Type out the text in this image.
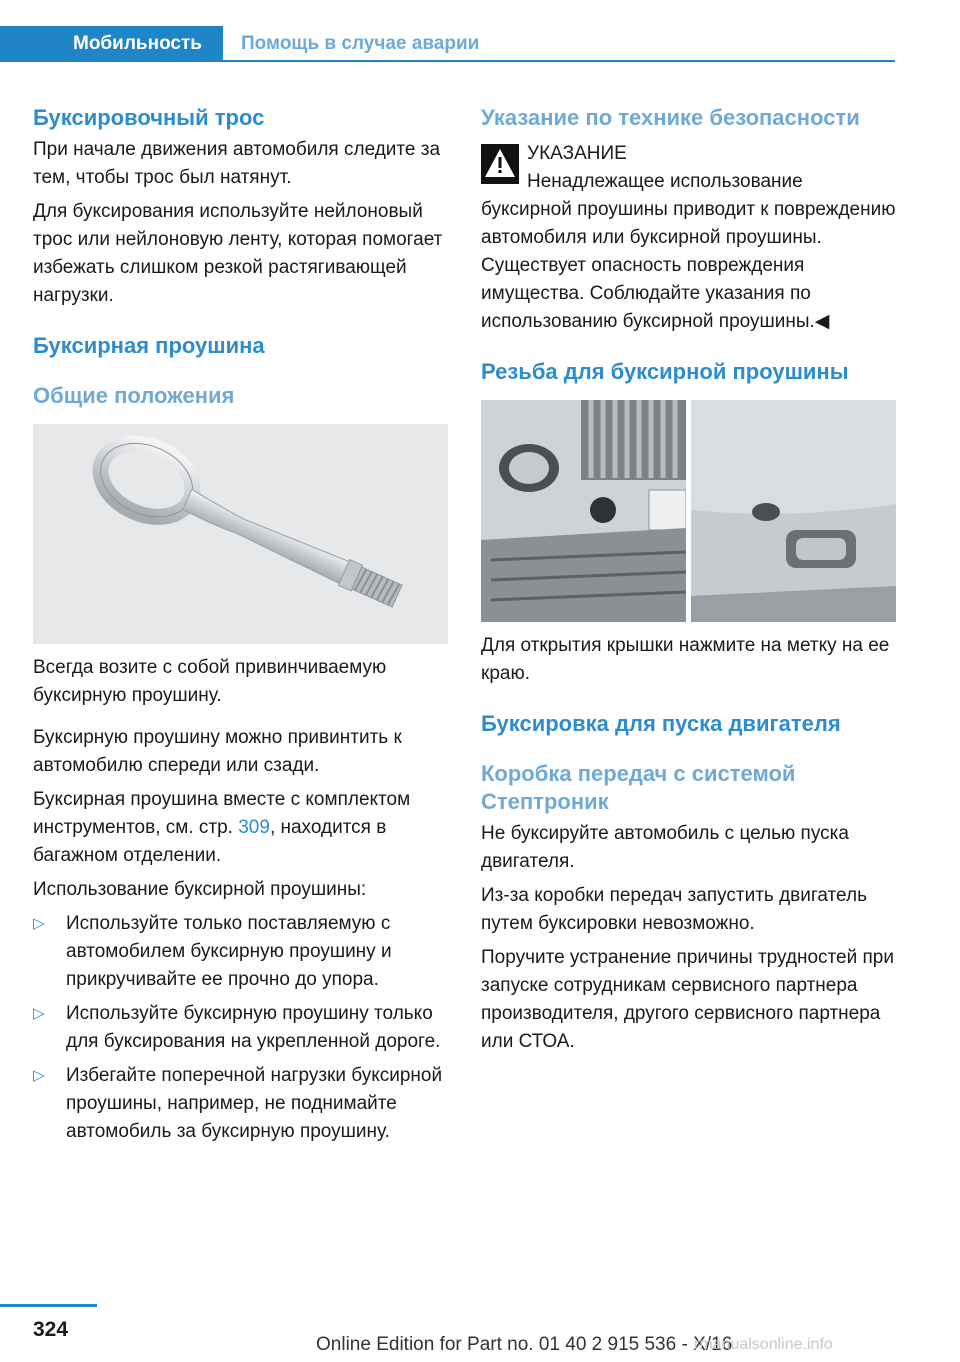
Мобильность	Помощь в случае аварии
Буксировочный трос

При начале движения автомобиля следите за тем, чтобы трос был натянут.

Для буксирования используйте нейлоновый трос или нейлоновую ленту, которая помогает избежать слишком резкой растягивающей нагрузки.

Буксирная проушина
Общие положения

Всегда возите с собой привинчиваемую буксирную проушину.

Буксирную проушину можно привинтить к автомобилю спереди или сзади.

Буксирная проушина вместе с комплектом инструментов, см. стр. 309, находится в багажном отделении.

Использование буксирной проушины:

▷ Используйте только поставляемую с автомобилем буксирную проушину и прикручивайте ее прочно до упора.
▷ Используйте буксирную проушину только для буксирования на укрепленной дороге.
▷ Избегайте поперечной нагрузки буксирной проушины, например, не поднимайте автомобиль за буксирную проушину.
Указание по технике безопасности

УКАЗАНИЕ

Ненадлежащее использование буксирной проушины приводит к повреждению автомобиля или буксирной проушины. Существует опасность повреждения имущества. Соблюдайте указания по использованию буксирной проушины.◀

Резьба для буксирной проушины

Для открытия крышки нажмите на метку на ее краю.

Буксировка для пуска двигателя
Коробка передач с системой Стептроник

Не буксируйте автомобиль с целью пуска двигателя.

Из-за коробки передач запустить двигатель путем буксировки невозможно.

Поручите устранение причины трудностей при запуске сотрудникам сервисного партнера производителя, другого сервисного партнера или СТОА.

324
Online Edition for Part no. 01 40 2 915 536 - X/16
rmanualsonline.info
